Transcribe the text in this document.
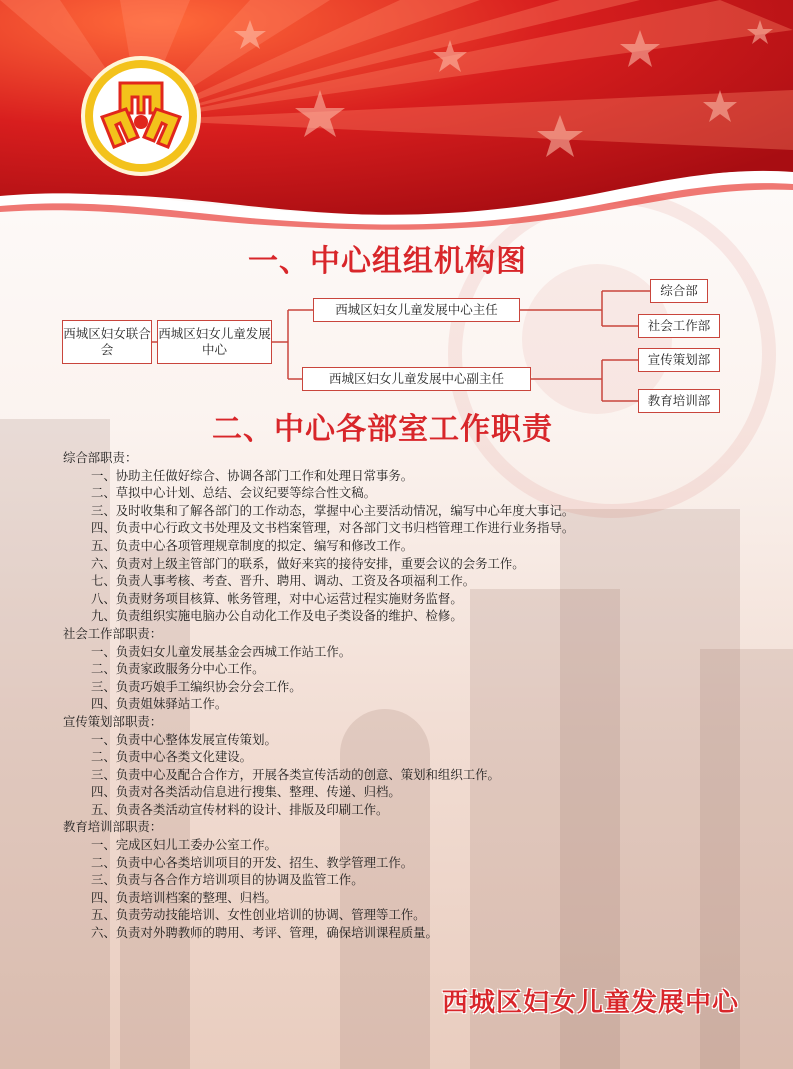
一、中心组组机构图
西城区妇女联合会
西城区妇女儿童发展中心
西城区妇女儿童发展中心主任
西城区妇女儿童发展中心副主任
综合部
社会工作部
宣传策划部
教育培训部
二、中心各部室工作职责
综合部职责：
一、协助主任做好综合、协调各部门工作和处理日常事务。
二、草拟中心计划、总结、会议纪要等综合性文稿。
三、及时收集和了解各部门的工作动态，掌握中心主要活动情况，编写中心年度大事记。
四、负责中心行政文书处理及文书档案管理，对各部门文书归档管理工作进行业务指导。
五、负责中心各项管理规章制度的拟定、编写和修改工作。
六、负责对上级主管部门的联系，做好来宾的接待安排，重要会议的会务工作。
七、负责人事考核、考查、晋升、聘用、调动、工资及各项福利工作。
八、负责财务项目核算、帐务管理，对中心运营过程实施财务监督。
九、负责组织实施电脑办公自动化工作及电子类设备的维护、检修。
社会工作部职责：
一、负责妇女儿童发展基金会西城工作站工作。
二、负责家政服务分中心工作。
三、负责巧娘手工编织协会分会工作。
四、负责姐妹驿站工作。
宣传策划部职责：
一、负责中心整体发展宣传策划。
二、负责中心各类文化建设。
三、负责中心及配合合作方，开展各类宣传活动的创意、策划和组织工作。
四、负责对各类活动信息进行搜集、整理、传递、归档。
五、负责各类活动宣传材料的设计、排版及印刷工作。
教育培训部职责：
一、完成区妇儿工委办公室工作。
二、负责中心各类培训项目的开发、招生、教学管理工作。
三、负责与各合作方培训项目的协调及监管工作。
四、负责培训档案的整理、归档。
五、负责劳动技能培训、女性创业培训的协调、管理等工作。
六、负责对外聘教师的聘用、考评、管理，确保培训课程质量。
西城区妇女儿童发展中心
